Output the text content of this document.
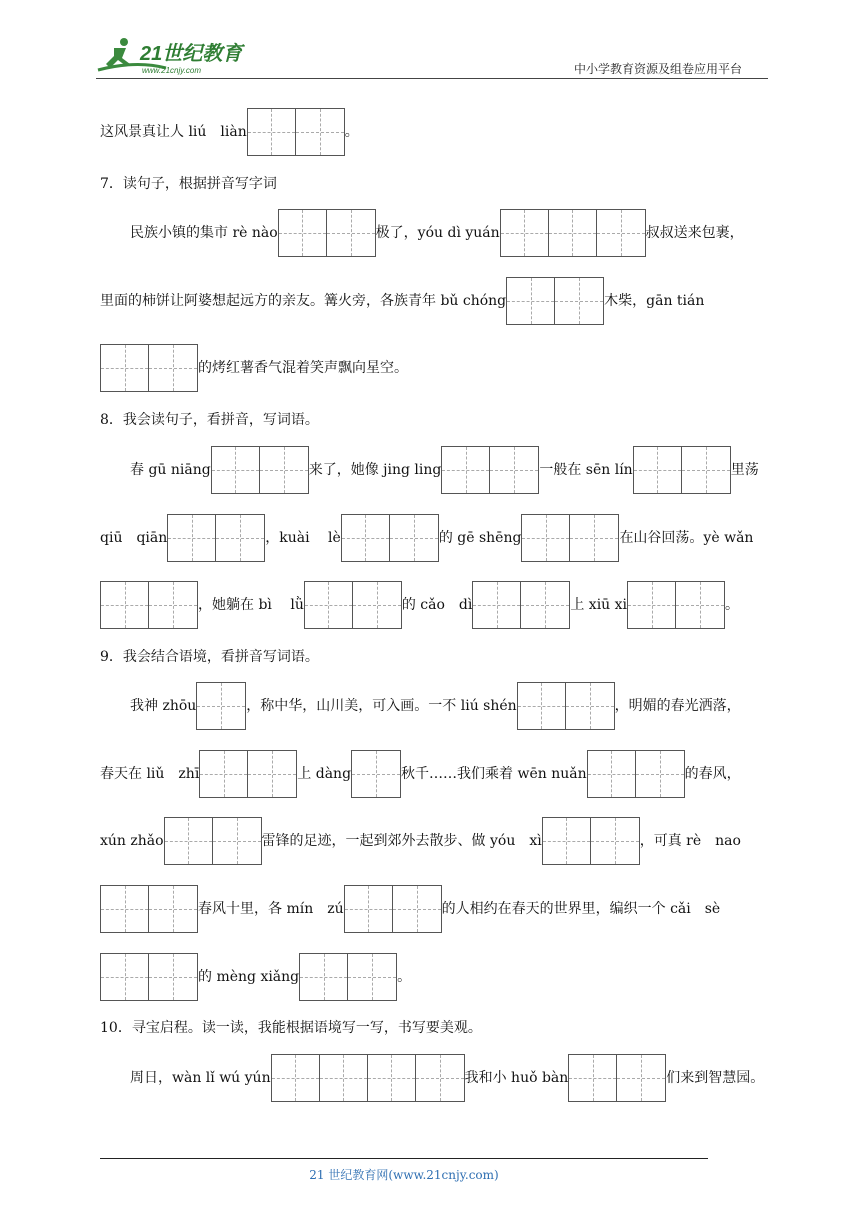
21世纪教育
www.21cnjy.com	中小学教育资源及组卷应用平台
这风景真让人 liú　liàn	。
7．读句子，根据拼音写字词
民族小镇的集市 rè nào	极了，yóu dì yuán	叔叔送来包裹，
里面的柿饼让阿婆想起远方的亲友。篝火旁，各族青年 bǔ chóng	木柴，gān tián
的烤红薯香气混着笑声飘向星空。
8．我会读句子，看拼音，写词语。
春 gū niāng	来了，她像 jing ling	一般在 sēn lín	里荡
qiū　qiān	，kuài　 lè	的 gē shēng	在山谷回荡。yè wǎn
，她躺在 bì　 lǜ	的 cǎo　dì	上 xiū xi	。
9．我会结合语境，看拼音写词语。
我神 zhōu	，称中华，山川美，可入画。一不 liú shén	，明媚的春光洒落，
春天在 liǔ　zhī	上 dàng	秋千……我们乘着 wēn nuǎn	的春风，
xún zhǎo	雷锋的足迹，一起到郊外去散步、做 yóu　xì	，可真 rè　nao
春风十里，各 mín　zú	的人相约在春天的世界里，编织一个 cǎi　sè
的 mèng xiǎng	。
10．寻宝启程。读一读，我能根据语境写一写，书写要美观。
周日，wàn lǐ wú yún	我和小 huǒ bàn	们来到智慧园。
21 世纪教育网(www.21cnjy.com)
